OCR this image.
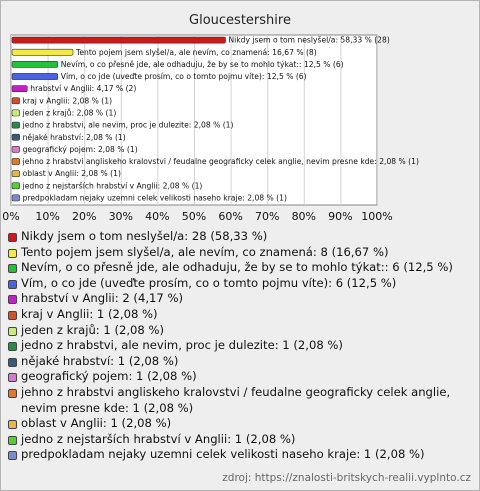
Gloucestershire
0% 10% 20% 30% 40% 50% 60% 70% 80% 90% 100%
Nikdy jsem o tom neslyšel/a: 58,33 % (28)
Tento pojem jsem slyšel/a, ale nevím, co znamená: 16,67 % (8)
Nevím, o co přesně jde, ale odhaduju, že by se to mohlo týkat:: 12,5 % (6)
Vím, o co jde (uveďte prosím, co o tomto pojmu víte): 12,5 % (6)
hrabství v Anglii: 4,17 % (2)
kraj v Anglii: 2,08 % (1)
jeden z krajů: 2,08 % (1)
jedno z hrabstvi, ale nevim, proc je dulezite: 2,08 % (1)
nějaké hrabství: 2,08 % (1)
geografický pojem: 2,08 % (1)
jehno z hrabstvi angliskeho kralovstvi / feudalne geograficky celek anglie, nevim presne kde: 2,08 % (1)
oblast v Anglii: 2,08 % (1)
jedno z nejstarších hrabství v Anglii: 2,08 % (1)
predpokladam nejaky uzemni celek velikosti naseho kraje: 2,08 % (1)
Nikdy jsem o tom neslyšel/a: 28 (58,33 %)
Tento pojem jsem slyšel/a, ale nevím, co znamená: 8 (16,67 %)
Nevím, o co přesně jde, ale odhaduju, že by se to mohlo týkat:: 6 (12,5 %)
Vím, o co jde (uveďte prosím, co o tomto pojmu víte): 6 (12,5 %)
hrabství v Anglii: 2 (4,17 %)
kraj v Anglii: 1 (2,08 %)
jeden z krajů: 1 (2,08 %)
jedno z hrabstvi, ale nevim, proc je dulezite: 1 (2,08 %)
nějaké hrabství: 1 (2,08 %)
geografický pojem: 1 (2,08 %)
jehno z hrabstvi angliskeho kralovstvi / feudalne geograficky celek anglie, nevim presne kde: 1 (2,08 %)
oblast v Anglii: 1 (2,08 %)
jedno z nejstarších hrabství v Anglii: 1 (2,08 %)
predpokladam nejaky uzemni celek velikosti naseho kraje: 1 (2,08 %)
zdroj: https://znalosti-britskych-realii.vyplnto.cz
